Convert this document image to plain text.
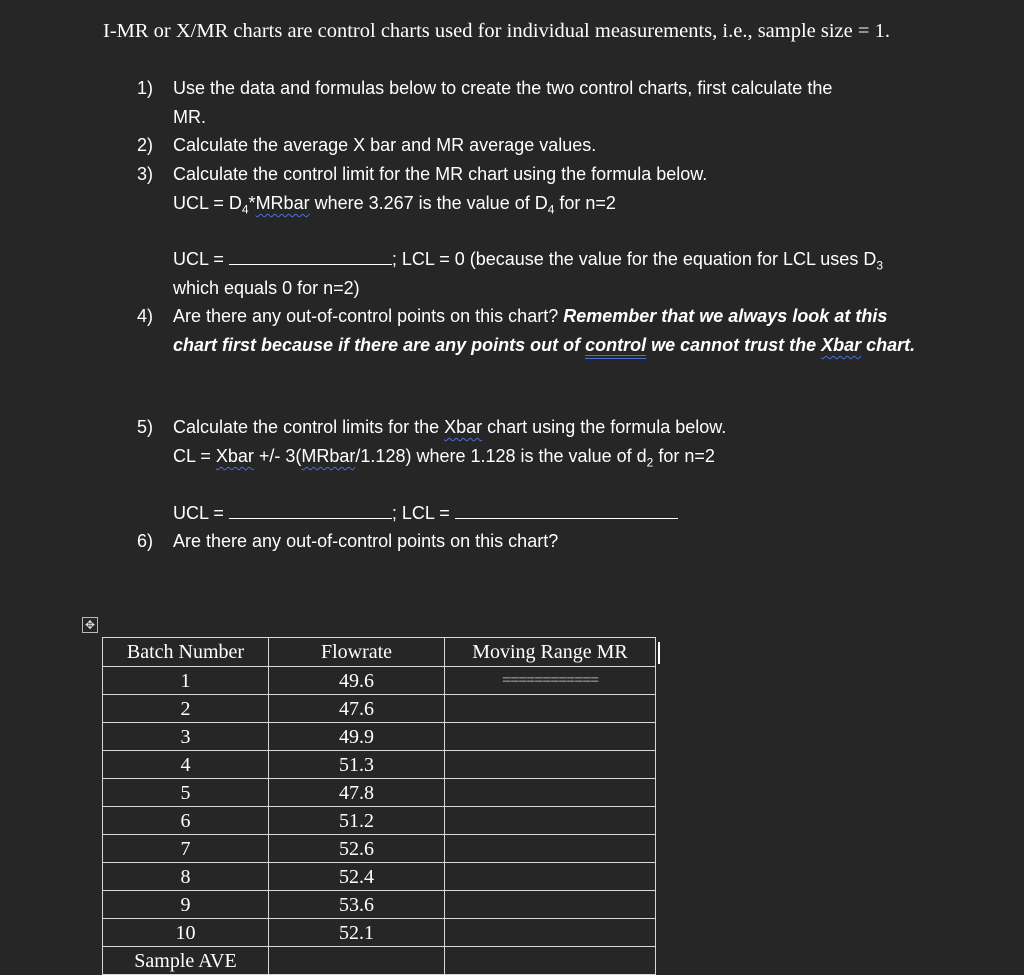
I-MR or X/MR charts are control charts used for individual measurements, i.e., sample size = 1.
1) Use the data and formulas below to create the two control charts, first calculate the
MR.
2) Calculate the average X bar and MR average values.
3) Calculate the control limit for the MR chart using the formula below.
UCL = $D_4*MRbar$ where 3.267 is the value of $D_4$ for n=2
UCL =	; LCL = 0 (because the value for the equation for LCL uses $D_3$
which equals 0 for n=2)
4) Are there any out-of-control points on this chart? Remember that we always look at this
chart first because if there are any points out of control we cannot trust the Xbar chart.
5) Calculate the control limits for the Xbar chart using the formula below.
CL = Xbar +/- 3(MRbar/1.128) where 1.128 is the value of $d_2$ for n=2
UCL =	; LCL =
6) Are there any out-of-control points on this chart?
✥
Batch Number	Flowrate	Moving Range MR
1	49.6	============
2	47.6	
3	49.9	
4	51.3	
5	47.8	
6	51.2	
7	52.6	
8	52.4	
9	53.6	
10	52.1	
Sample AVE		
